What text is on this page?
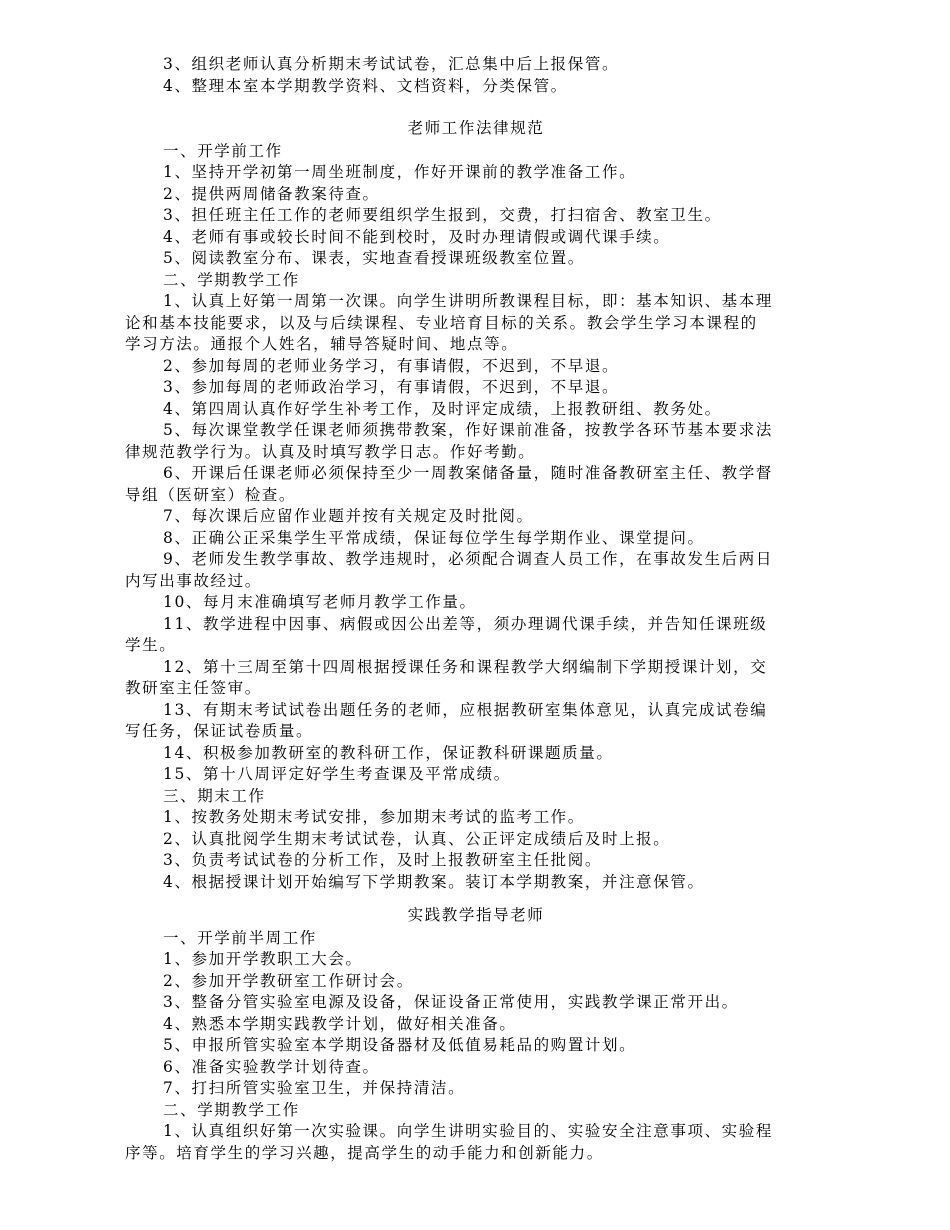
3、组织老师认真分析期末考试试卷，汇总集中后上报保管。
4、整理本室本学期教学资料、文档资料，分类保管。
老师工作法律规范
一、开学前工作
1、坚持开学初第一周坐班制度，作好开课前的教学准备工作。
2、提供两周储备教案待查。
3、担任班主任工作的老师要组织学生报到，交费，打扫宿舍、教室卫生。
4、老师有事或较长时间不能到校时，及时办理请假或调代课手续。
5、阅读教室分布、课表，实地查看授课班级教室位置。
二、学期教学工作
1、认真上好第一周第一次课。向学生讲明所教课程目标，即：基本知识、基本理
论和基本技能要求，以及与后续课程、专业培育目标的关系。教会学生学习本课程的
学习方法。通报个人姓名，辅导答疑时间、地点等。
2、参加每周的老师业务学习，有事请假，不迟到，不早退。
3、参加每周的老师政治学习，有事请假，不迟到，不早退。
4、第四周认真作好学生补考工作，及时评定成绩，上报教研组、教务处。
5、每次课堂教学任课老师须携带教案，作好课前准备，按教学各环节基本要求法
律规范教学行为。认真及时填写教学日志。作好考勤。
6、开课后任课老师必须保持至少一周教案储备量，随时准备教研室主任、教学督
导组（医研室）检查。
7、每次课后应留作业题并按有关规定及时批阅。
8、正确公正采集学生平常成绩，保证每位学生每学期作业、课堂提问。
9、老师发生教学事故、教学违规时，必须配合调查人员工作，在事故发生后两日
内写出事故经过。
10、每月末准确填写老师月教学工作量。
11、教学进程中因事、病假或因公出差等，须办理调代课手续，并告知任课班级
学生。
12、第十三周至第十四周根据授课任务和课程教学大纲编制下学期授课计划，交
教研室主任签审。
13、有期末考试试卷出题任务的老师，应根据教研室集体意见，认真完成试卷编
写任务，保证试卷质量。
14、积极参加教研室的教科研工作，保证教科研课题质量。
15、第十八周评定好学生考查课及平常成绩。
三、期末工作
1、按教务处期末考试安排，参加期末考试的监考工作。
2、认真批阅学生期末考试试卷，认真、公正评定成绩后及时上报。
3、负责考试试卷的分析工作，及时上报教研室主任批阅。
4、根据授课计划开始编写下学期教案。装订本学期教案，并注意保管。
实践教学指导老师
一、开学前半周工作
1、参加开学教职工大会。
2、参加开学教研室工作研讨会。
3、整备分管实验室电源及设备，保证设备正常使用，实践教学课正常开出。
4、熟悉本学期实践教学计划，做好相关准备。
5、申报所管实验室本学期设备器材及低值易耗品的购置计划。
6、准备实验教学计划待查。
7、打扫所管实验室卫生，并保持清洁。
二、学期教学工作
1、认真组织好第一次实验课。向学生讲明实验目的、实验安全注意事项、实验程
序等。培育学生的学习兴趣，提高学生的动手能力和创新能力。
